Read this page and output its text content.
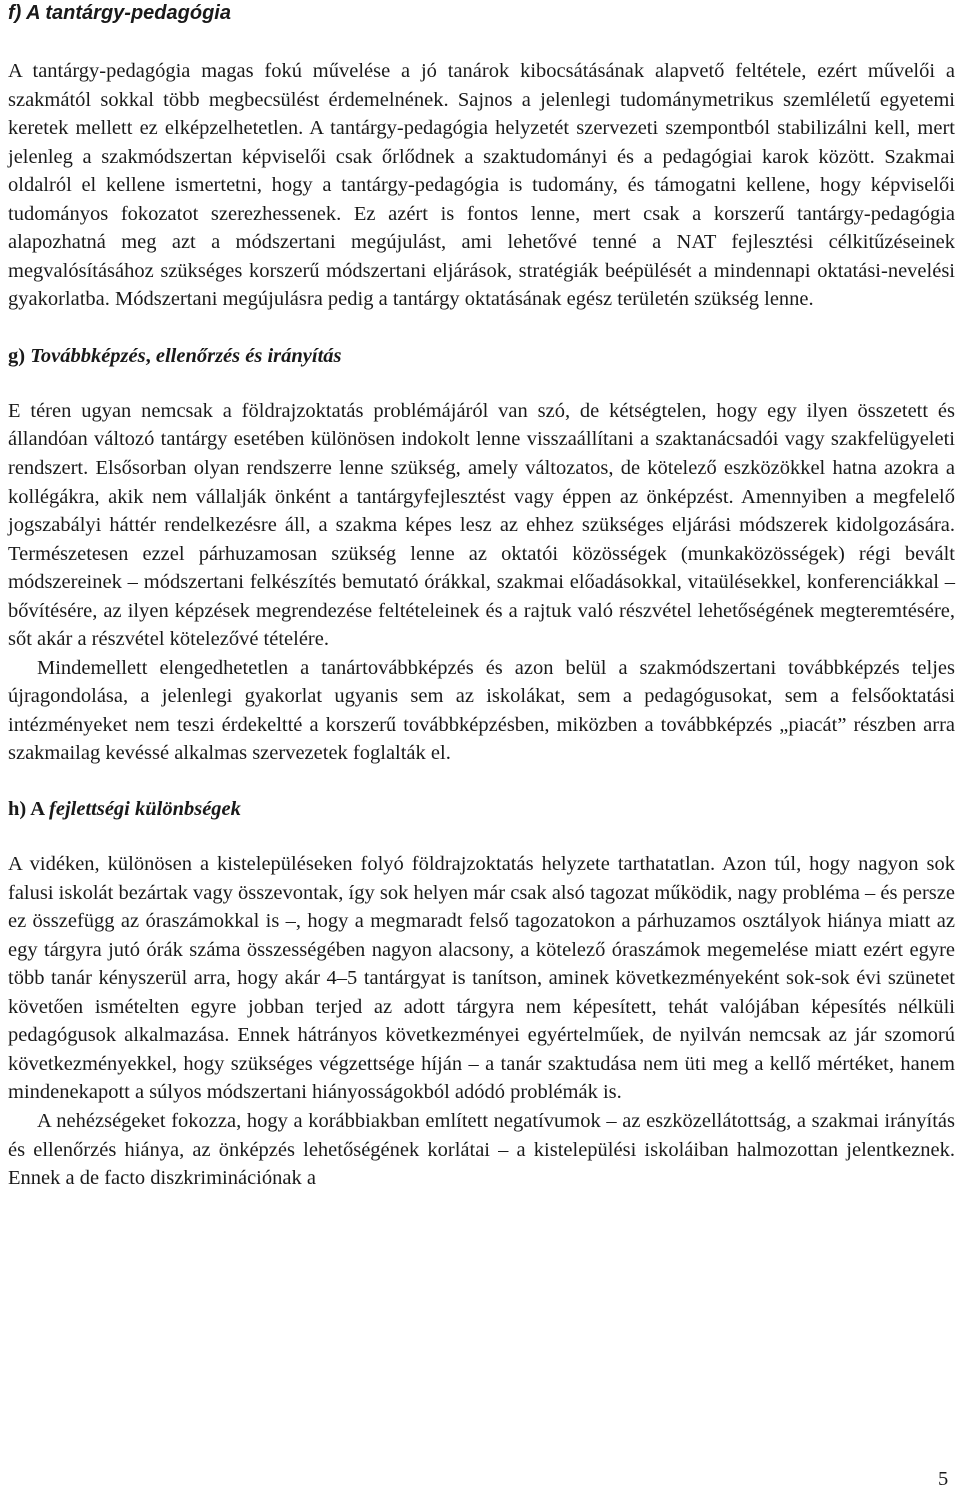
f) A tantárgy-pedagógia

A tantárgy-pedagógia magas fokú művelése a jó tanárok kibocsátásának alapvető feltétele, ezért művelői a szakmától sokkal több megbecsülést érdemelnének. Sajnos a jelenlegi tudománymetrikus szemléletű egyetemi keretek mellett ez elképzelhetetlen. A tantárgy-pedagógia helyzetét szervezeti szempontból stabilizálni kell, mert jelenleg a szakmódszertan képviselői csak őrlődnek a szaktudományi és a pedagógiai karok között. Szakmai oldalról el kellene ismertetni, hogy a tantárgy-pedagógia is tudomány, és támogatni kellene, hogy képviselői tudományos fokozatot szerezhessenek. Ez azért is fontos lenne, mert csak a korszerű tantárgy-pedagógia alapozhatná meg azt a módszertani megújulást, ami lehetővé tenné a NAT fejlesztési célkitűzéseinek megvalósításához szükséges korszerű módszertani eljárások, stratégiák beépülését a mindennapi oktatási-nevelési gyakorlatba. Módszertani megújulásra pedig a tantárgy oktatásának egész területén szükség lenne.

g) Továbbképzés, ellenőrzés és irányítás

E téren ugyan nemcsak a földrajzoktatás problémájáról van szó, de kétségtelen, hogy egy ilyen összetett és állandóan változó tantárgy esetében különösen indokolt lenne visszaállítani a szaktanácsadói vagy szakfelügyeleti rendszert. Elsősorban olyan rendszerre lenne szükség, amely változatos, de kötelező eszközökkel hatna azokra a kollégákra, akik nem vállalják önként a tantárgyfejlesztést vagy éppen az önképzést. Amennyiben a megfelelő jogszabályi háttér rendelkezésre áll, a szakma képes lesz az ehhez szükséges eljárási módszerek kidolgozására. Természetesen ezzel párhuzamosan szükség lenne az oktatói közösségek (munkaközösségek) régi bevált módszereinek – módszertani felkészítés bemutató órákkal, szakmai előadásokkal, vitaülésekkel, konferenciákkal – bővítésére, az ilyen képzések megrendezése feltételeinek és a rajtuk való részvétel lehetőségének megteremtésére, sőt akár a részvétel kötelezővé tételére.

Mindemellett elengedhetetlen a tanártovábbképzés és azon belül a szakmódszertani továbbképzés teljes újragondolása, a jelenlegi gyakorlat ugyanis sem az iskolákat, sem a pedagógusokat, sem a felsőoktatási intézményeket nem teszi érdekeltté a korszerű továbbképzésben, miközben a továbbképzés „piacát” részben arra szakmailag kevéssé alkalmas szervezetek foglalták el.

h) A fejlettségi különbségek

A vidéken, különösen a kistelepüléseken folyó földrajzoktatás helyzete tarthatatlan. Azon túl, hogy nagyon sok falusi iskolát bezártak vagy összevontak, így sok helyen már csak alsó tagozat működik, nagy probléma – és persze ez összefügg az óraszámokkal is –, hogy a megmaradt felső tagozatokon a párhuzamos osztályok hiánya miatt az egy tárgyra jutó órák száma összességében nagyon alacsony, a kötelező óraszámok megemelése miatt ezért egyre több tanár kényszerül arra, hogy akár 4–5 tantárgyat is tanítson, aminek következményeként sok-sok évi szünetet követően ismételten egyre jobban terjed az adott tárgyra nem képesített, tehát valójában képesítés nélküli pedagógusok alkalmazása. Ennek hátrányos következményei egyértelműek, de nyilván nemcsak az jár szomorú következményekkel, hogy szükséges végzettsége híján – a tanár szaktudása nem üti meg a kellő mértéket, hanem mindenekapott a súlyos módszertani hiányosságokból adódó problémák is.

A nehézségeket fokozza, hogy a korábbiakban említett negatívumok – az eszközellátottság, a szakmai irányítás és ellenőrzés hiánya, az önképzés lehetőségének korlátai – a kistelepülési iskoláiban halmozottan jelentkeznek. Ennek a de facto diszkriminációnak a

5
